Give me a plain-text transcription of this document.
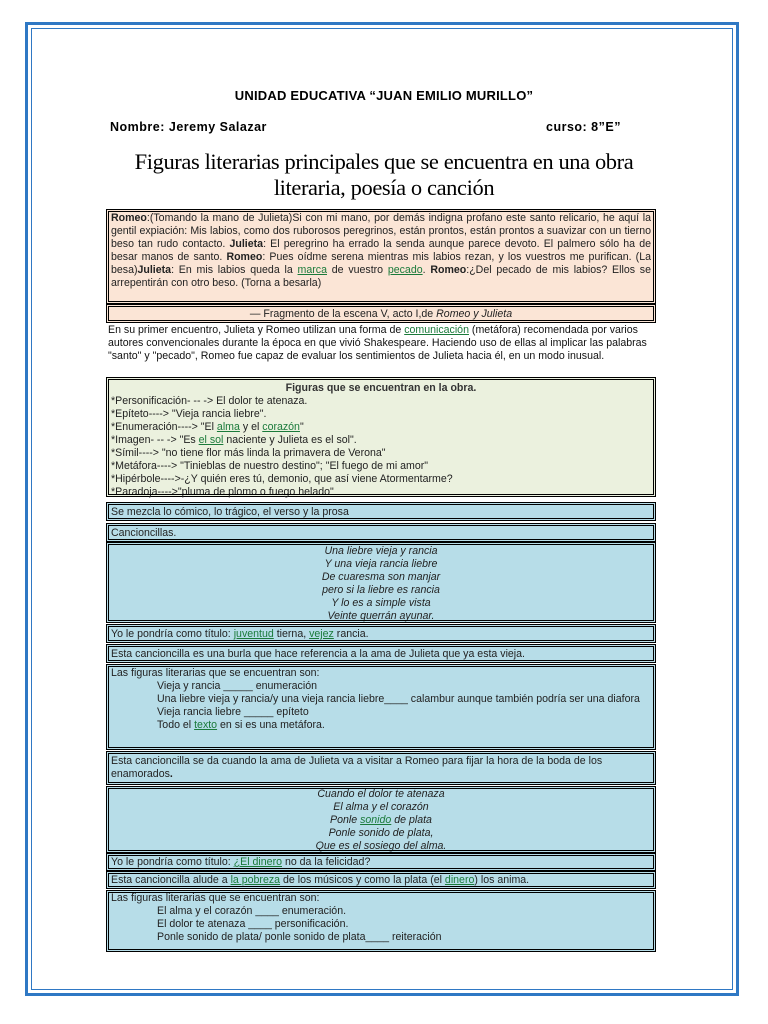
UNIDAD EDUCATIVA “JUAN EMILIO MURILLO”
Nombre: Jeremy Salazar	curso: 8”E”
Figuras literarias principales que se encuentra en una obra literaria, poesía o canción
Romeo:(Tomando la mano de Julieta)Si con mi mano, por demás indigna profano este santo relicario, he aquí la gentil expiación: Mis labios, como dos ruborosos peregrinos, están prontos, están prontos a suavizar con un tierno beso tan rudo contacto. Julieta: El peregrino ha errado la senda aunque parece devoto. El palmero sólo ha de besar manos de santo. Romeo: Pues oídme serena mientras mis labios rezan, y los vuestros me purifican. (La besa)Julieta: En mis labios queda la marca de vuestro pecado. Romeo:¿Del pecado de mis labios? Ellos se arrepentirán con otro beso. (Torna a besarla)
— Fragmento de la escena V, acto I,de Romeo y Julieta
En su primer encuentro, Julieta y Romeo utilizan una forma de comunicación (metáfora) recomendada por varios autores convencionales durante la época en que vivió Shakespeare. Haciendo uso de ellas al implicar las palabras "santo" y "pecado", Romeo fue capaz de evaluar los sentimientos de Julieta hacia él, en un modo inusual.
Figuras que se encuentran en la obra.
*Personificación- -- -> El dolor te atenaza.
*Epíteto----> "Vieja rancia liebre".
*Enumeración----> "El alma y el corazón"
*Imagen- -- -> "Es el sol naciente y Julieta es el sol".
*Símil----> "no tiene flor más linda la primavera de Verona"
*Metáfora----> "Tinieblas de nuestro destino"; "El fuego de mi amor"
*Hipérbole---->-¿Y quién eres tú, demonio, que así viene Atormentarme?
*Paradoja---->"pluma de plomo o fuego helado"
Se mezcla lo cómico, lo trágico, el verso y la prosa
Cancioncillas.
Una liebre vieja y rancia
Y una vieja rancia liebre
De cuaresma son manjar
pero si la liebre es rancia
Y lo es a simple vista
Veinte querrán ayunar.
Yo le pondría como título: juventud tierna, vejez rancia.
Esta cancioncilla es una burla que hace referencia a la ama de Julieta que ya esta vieja.
Las figuras literarias que se encuentran son:
Vieja y rancia _____ enumeración
Una liebre vieja y rancia/y una vieja rancia liebre____ calambur aunque también podría ser una diafora
Vieja rancia liebre _____ epíteto
Todo el texto en si es una metáfora.
Esta cancioncilla se da cuando la ama de Julieta va a visitar a Romeo para fijar la hora de la boda de los enamorados.
Cuando el dolor te atenaza
El alma y el corazón
Ponle sonido de plata
Ponle sonido de plata,
Que es el sosiego del alma.
Yo le pondría como título: ¿El dinero no da la felicidad?
Esta cancioncilla alude a la pobreza de los músicos y como la plata (el dinero) los anima.
Las figuras literarias que se encuentran son:
El alma y el corazón ____ enumeración.
El dolor te atenaza ____ personificación.
Ponle sonido de plata/ ponle sonido de plata____ reiteración
